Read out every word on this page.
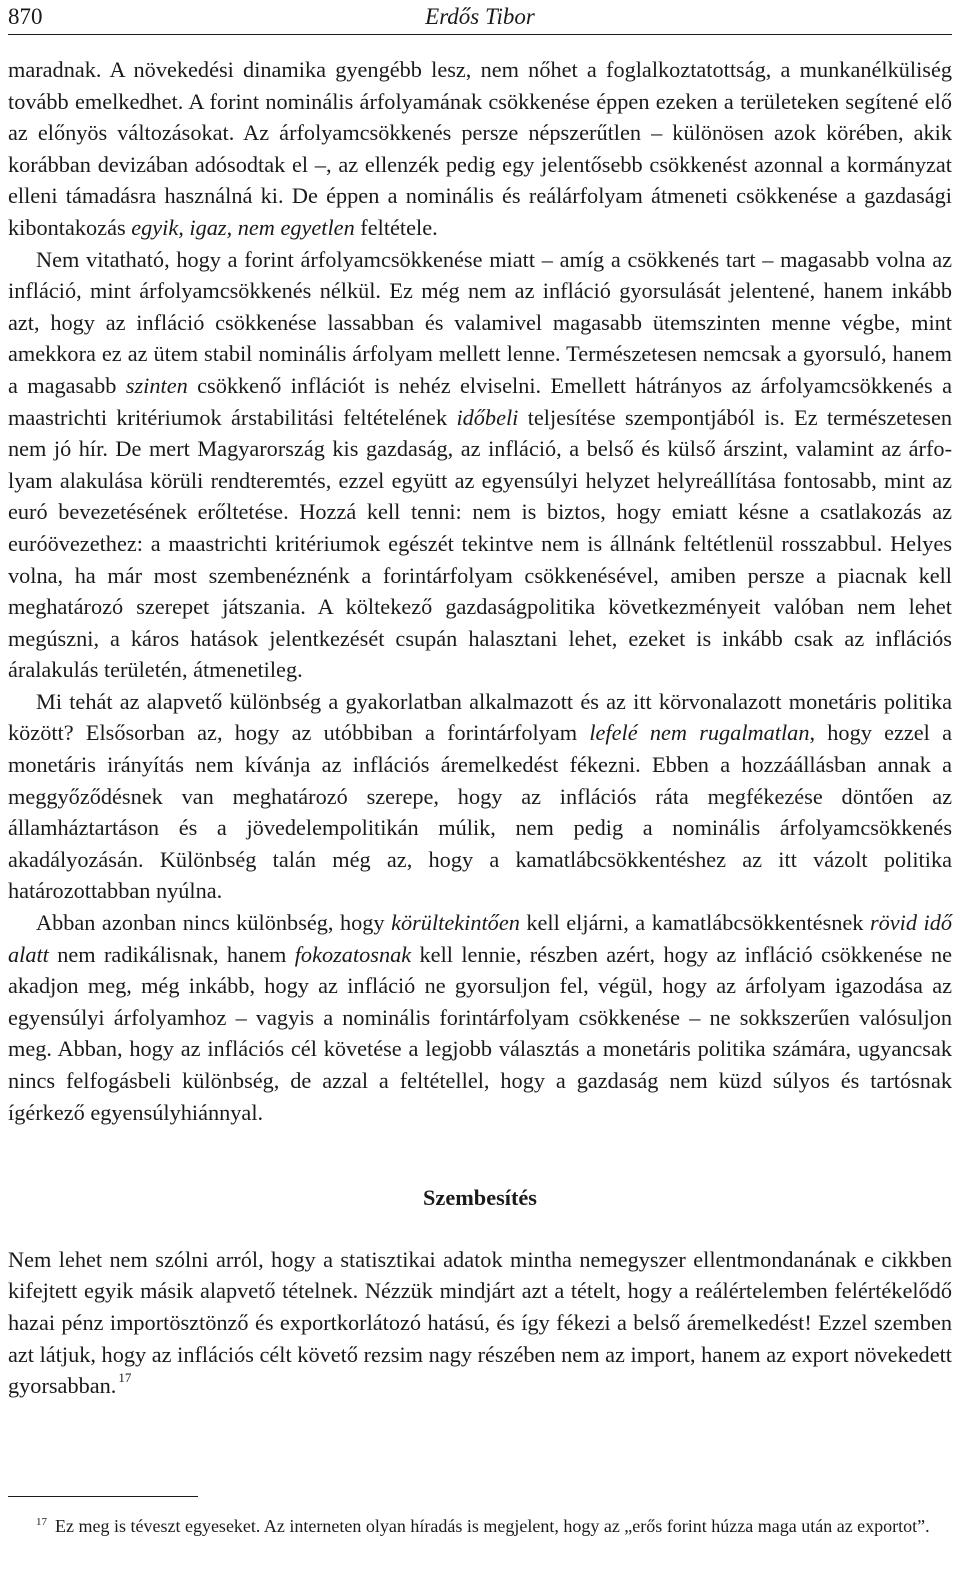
870	Erdős Tibor

maradnak. A növekedési dinamika gyengébb lesz, nem nőhet a foglalkoztatottság, a munkanélküliség tovább emelkedhet. A forint nominális árfolyamának csökkenése éppen ezeken a területeken segítené elő az előnyös változásokat. Az árfolyamcsökkenés persze népszerűtlen – különösen azok körében, akik korábban devizában adósodtak el –, az ellenzék pedig egy jelentősebb csökkenést azonnal a kormányzat elleni támadásra használná ki. De éppen a nominális és reálárfolyam átmeneti csökkenése a gazdasági kibontakozás egyik, igaz, nem egyetlen feltétele.

Nem vitatható, hogy a forint árfolyamcsökkenése miatt – amíg a csökkenés tart – magasabb volna az infláció, mint árfolyamcsökkenés nélkül. Ez még nem az infláció gyorsulását jelentené, hanem inkább azt, hogy az infláció csökkenése lassabban és valamivel magasabb ütemszinten menne végbe, mint amekkora ez az ütem stabil nominális árfolyam mellett lenne. Természetesen nemcsak a gyorsuló, hanem a magasabb szinten csökkenő inflációt is nehéz elviselni. Emellett hátrányos az árfolyamcsökkenés a maastrichti kritériumok árstаbilitási feltételének időbeli teljesítése szempontjából is. Ez természetesen nem jó hír. De mert Magyarország kis gazdaság, az infláció, a belső és külső árszint, valamint az árfolyam alakulása körüli rendteremtés, ezzel együtt az egyensúlyi helyzet helyreállítása fontosabb, mint az euró bevezetésének erőltetése. Hozzá kell tenni: nem is biztos, hogy emiatt késne a csatlakozás az euróövezethez: a maastrichti kritériumok egészét tekintve nem is állnánk feltétlenül rosszabbul. Helyes volna, ha már most szembenéznénk a forintárfolyam csökkenésével, amiben persze a piacnak kell meghatározó szerepet játszania. A költekező gazdaságpolitika következményeit valóban nem lehet megúszni, a káros hatások jelentkezését csupán halasztani lehet, ezeket is inkább csak az inflációs áralakulás területén, átmenetileg.

Mi tehát az alapvető különbség a gyakorlatban alkalmazott és az itt körvonalazott monetáris politika között? Elsősorban az, hogy az utóbbiban a forintárfolyam lefelé nem rugalmatlan, hogy ezzel a monetáris irányítás nem kívánja az inflációs áremelkedést fékezni. Ebben a hozzáállásban annak a meggyőződésnek van meghatározó szerepe, hogy az inflációs ráta megfékezése döntően az államháztartáson és a jövedelempolitikán múlik, nem pedig a nominális árfolyamcsökkenés akadályozásán. Különbség talán még az, hogy a kamatlábcsökkentéshez az itt vázolt politika határozottabban nyúlna.

Abban azonban nincs különbség, hogy körültekintően kell eljárni, a kamatlábcsökkentésnek rövid idő alatt nem radikálisnak, hanem fokozatosnak kell lennie, részben azért, hogy az infláció csökkenése ne akadjon meg, még inkább, hogy az infláció ne gyorsuljon fel, végül, hogy az árfolyam igazodása az egyensúlyi árfolyamhoz – vagyis a nominális forintárfolyam csökkenése – ne sokkszerűen valósuljon meg. Abban, hogy az inflációs cél követése a legjobb választás a monetáris politika számára, ugyancsak nincs felfogásbeli különbség, de azzal a feltétellel, hogy a gazdaság nem küzd súlyos és tartósnak ígérkező egyensúlyhiánnyal.

Szembesítés

Nem lehet nem szólni arról, hogy a statisztikai adatok mintha nemegyszer ellentmondanának e cikkben kifejtett egyik másik alapvető tételnek. Nézzük mindjárt azt a tételt, hogy a reálértelemben felértékelődő hazai pénz importösztönző és exportkorlátozó hatású, és így fékezi a belső áremelkedést! Ezzel szemben azt látjuk, hogy az inflációs célt követő rezsim nagy részében nem az import, hanem az export növekedett gyorsabban. $^{17}$

$^{17}$ Ez meg is téveszt egyeseket. Az interneten olyan híradás is megjelent, hogy az „erős forint húzza maga után az exportot”.
